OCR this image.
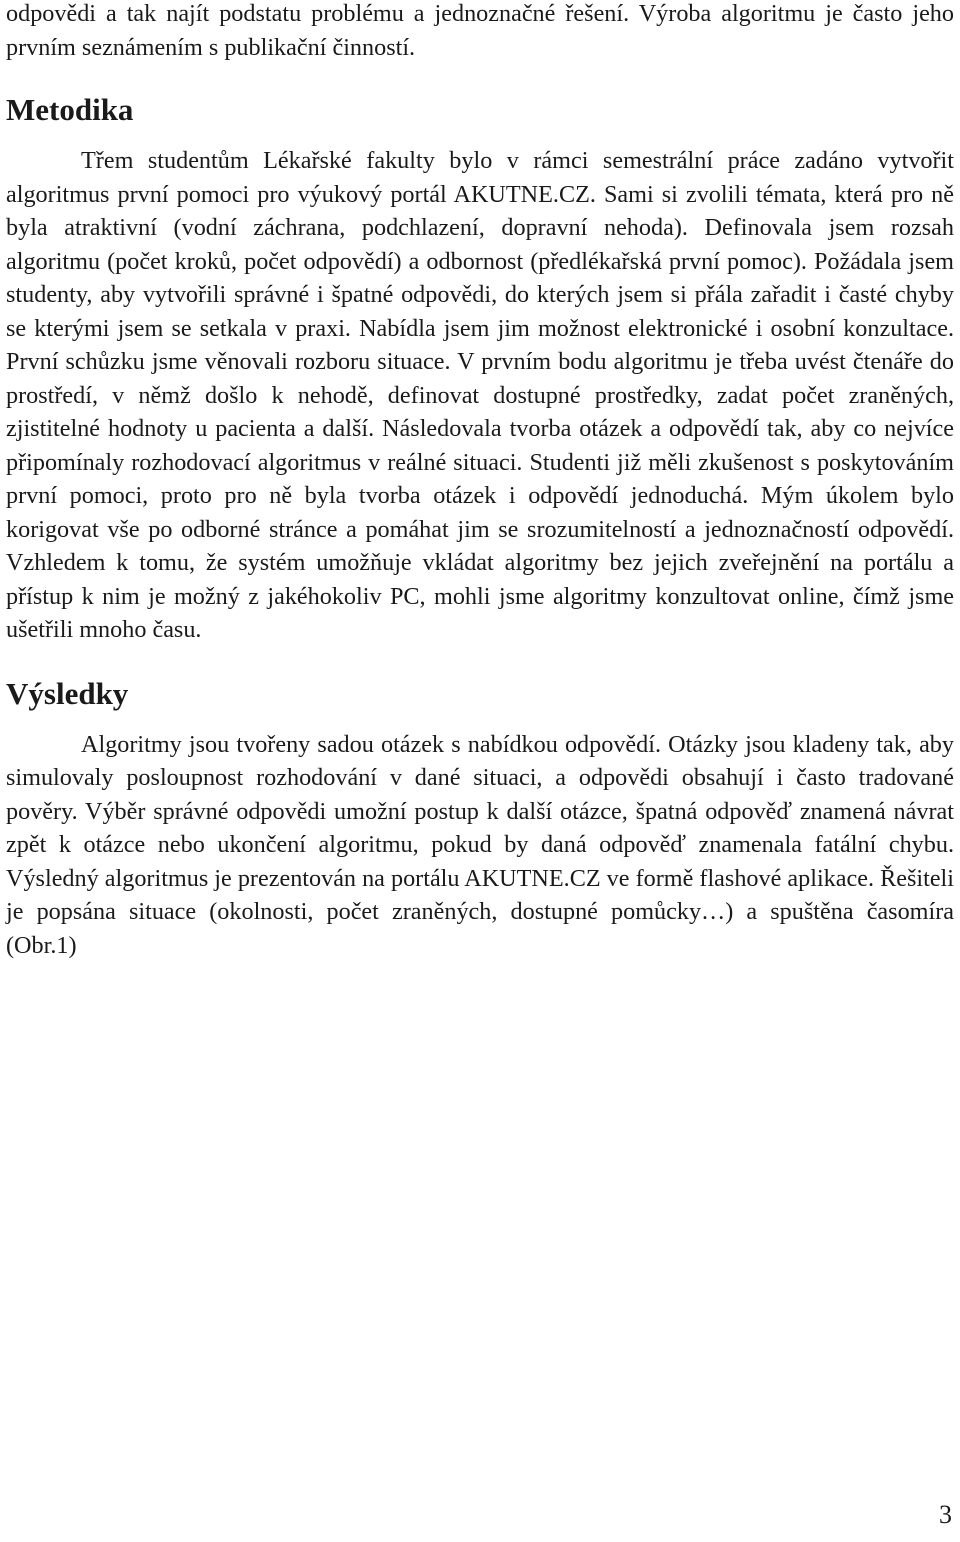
odpovědi a tak najít podstatu problému a jednoznačné řešení. Výroba algoritmu je často jeho prvním seznámením s publikační činností.

Metodika

Třem studentům Lékařské fakulty bylo v rámci semestrální práce zadáno vytvořit algoritmus první pomoci pro výukový portál AKUTNE.CZ. Sami si zvolili témata, která pro ně byla atraktivní (vodní záchrana, podchlazení, dopravní nehoda). Definovala jsem rozsah algoritmu (počet kroků, počet odpovědí) a odbornost (předlékařská první pomoc). Požádala jsem studenty, aby vytvořili správné i špatné odpovědi, do kterých jsem si přála zařadit i časté chyby se kterými jsem se setkala v praxi. Nabídla jsem jim možnost elektronické i osobní konzultace. První schůzku jsme věnovali rozboru situace. V prvním bodu algoritmu je třeba uvést čtenáře do prostředí, v němž došlo k nehodě, definovat dostupné prostředky, zadat počet zraněných, zjistitelné hodnoty u pacienta a další. Následovala tvorba otázek a odpovědí tak, aby co nejvíce připomínaly rozhodovací algoritmus v reálné situaci. Studenti již měli zkušenost s poskytováním první pomoci, proto pro ně byla tvorba otázek i odpovědí jednoduchá. Mým úkolem bylo korigovat vše po odborné stránce a pomáhat jim se srozumitelností a jednoznačností odpovědí. Vzhledem k tomu, že systém umožňuje vkládat algoritmy bez jejich zveřejnění na portálu a přístup k nim je možný z jakéhokoliv PC, mohli jsme algoritmy konzultovat online, čímž jsme ušetřili mnoho času.

Výsledky

Algoritmy jsou tvořeny sadou otázek s nabídkou odpovědí. Otázky jsou kladeny tak, aby simulovaly posloupnost rozhodování v dané situaci, a odpovědi obsahují i často tradované pověry. Výběr správné odpovědi umožní postup k další otázce, špatná odpověď znamená návrat zpět k otázce nebo ukončení algoritmu, pokud by daná odpověď znamenala fatální chybu. Výsledný algoritmus je prezentován na portálu AKUTNE.CZ ve formě flashové aplikace. Řešiteli je popsána situace (okolnosti, počet zraněných, dostupné pomůcky…) a spuštěna časomíra (Obr.1)

3
